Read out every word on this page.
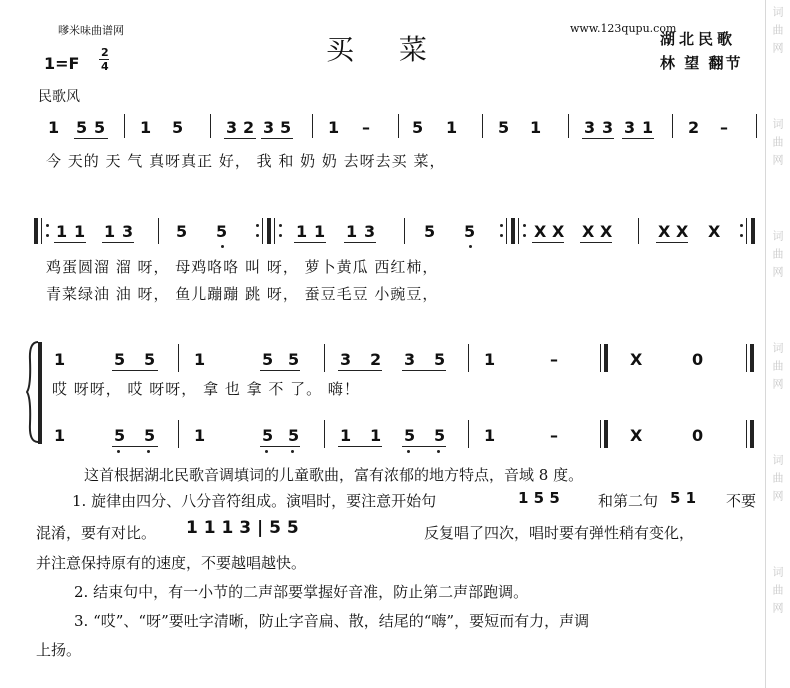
词
曲
网
词
曲
网
词
曲
网
词
曲
网
词
曲
网
词
曲
网
嗲米味曲谱网	www.123qupu.com
买 菜	湖北民歌
林 望 翻节
1=F
2
4
民歌风
1 5 5 1 5	3 2 3 5 1 –	5 1	5 1	3 3 3 1 2 –
今 天的 天 气 真呀真正 好， 我 和 奶 奶 去呀去买 菜，
1 1 1 3	5 5	1 1 1 3	5 5	X X X X	X X X
鸡蛋圆溜 溜 呀， 母鸡咯咯 叫 呀， 萝卜黄瓜 西红柿，
青菜绿油 油 呀， 鱼儿蹦蹦 跳 呀， 蚕豆毛豆 小豌豆，
1	5 5 1	5 5	3 2 3 5 1	–	X	0
哎 呀呀， 哎 呀呀， 拿 也 拿 不 了。 嗨！
1	5 5 1	5 5	1 1 5 5 1	–	X	0
这首根据湖北民歌音调填词的儿童歌曲，富有浓郁的地方特点，音域 8 度。
1. 旋律由四分、八分音符组成。演唱时，要注意开始句	1 5 5	和第二句 5 1 不要
混淆，要有对比。 1 1 1 3 | 5 5	反复唱了四次，唱时要有弹性稍有变化，
并注意保持原有的速度，不要越唱越快。
2. 结束句中，有一小节的二声部要掌握好音准，防止第二声部跑调。
3. “哎”、“呀”要吐字清晰，防止字音扁、散，结尾的“嗨”，要短而有力，声调
上扬。
